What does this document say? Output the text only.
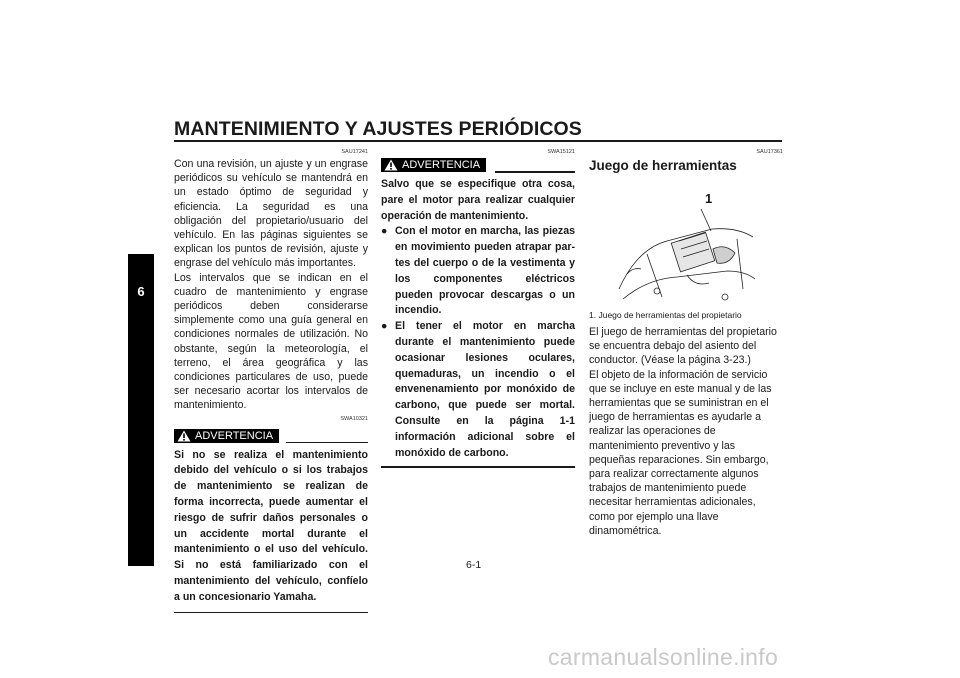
MANTENIMIENTO Y AJUSTES PERIÓDICOS
6
SAU17241

Con una revisión, un ajuste y un engrase periódicos su vehículo se mantendrá en un estado óptimo de seguridad y eficiencia. La seguridad es una obligación del propietario/usuario del vehículo. En las páginas siguientes se explican los puntos de revisión, ajuste y engrase del vehículo más importantes.

Los intervalos que se indican en el cuadro de mantenimiento y engrase periódicos deben considerarse simplemente como una guía general en condiciones normales de utilización. No obstante, según la meteorología, el terreno, el área geográfica y las condiciones particulares de uso, puede ser necesario acortar los intervalos de mantenimiento.

SWA10321
ADVERTENCIA

Si no se realiza el mantenimiento debido del vehículo o si los trabajos de mantenimiento se realizan de forma incorrecta, puede aumentar el riesgo de sufrir daños personales o un accidente mortal durante el mantenimiento o el uso del vehículo. Si no está familiarizado con el mantenimiento del vehículo, confíelo a un concesionario Yamaha.

SWA15121
ADVERTENCIA

Salvo que se especifique otra cosa, pare el motor para realizar cualquier operación de mantenimiento.

● Con el motor en marcha, las piezas en movimiento pueden atrapar partes del cuerpo o de la vestimenta y los componentes eléctricos pueden provocar descargas o un incendio.
● El tener el motor en marcha durante el mantenimiento puede ocasionar lesiones oculares, quemaduras, un incendio o el envenenamiento por monóxido de carbono, que puede ser mortal. Consulte en la página 1-1 información adicional sobre el monóxido de carbono.
SAU17361
Juego de herramientas
1

1. Juego de herramientas del propietario

El juego de herramientas del propietario se encuentra debajo del asiento del conductor. (Véase la página 3-23.)

El objeto de la información de servicio que se incluye en este manual y de las herramientas que se suministran en el juego de herramientas es ayudarle a realizar las operaciones de mantenimiento preventivo y las pequeñas reparaciones. Sin embargo, para realizar correctamente algunos trabajos de mantenimiento puede necesitar herramientas adicionales, como por ejemplo una llave dinamométrica.

6-1
carmanualsonline.info
